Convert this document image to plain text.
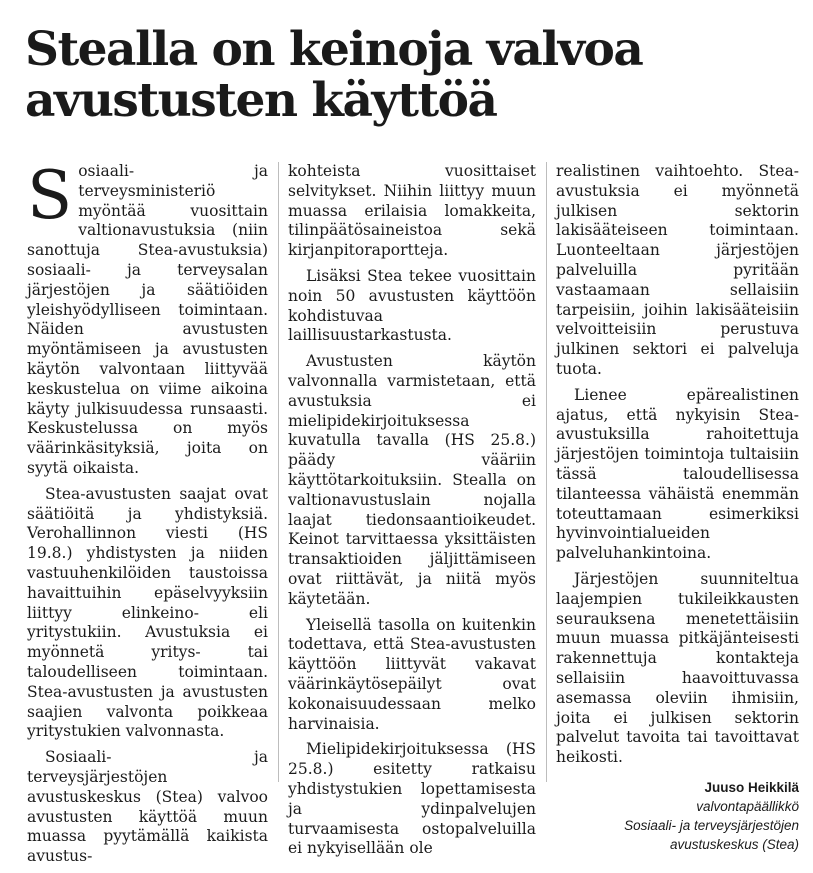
Stealla on keinoja valvoa
avustusten käyttöä

Sosiaali- ja terveysministeriö myöntää vuosittain valtionavustuksia (niin sanottuja Stea-avustuksia) sosiaali- ja terveysalan järjestöjen ja säätiöiden yleishyödylliseen toimintaan. Näiden avustusten myöntämiseen ja avustusten käytön valvontaan liittyvää keskustelua on viime aikoina käyty julkisuudessa runsaasti. Keskustelussa on myös väärinkäsityksiä, joita on syytä oikaista.

Stea-avustusten saajat ovat säätiöitä ja yhdistyksiä. Verohallinnon viesti (HS 19.8.) yhdistysten ja niiden vastuuhenkilöiden taustoissa havaittuihin epäselvyyksiin liittyy elinkeino- eli yritystukiin. Avustuksia ei myönnetä yritys- tai taloudelliseen toimintaan. Stea-avustusten ja avustusten saajien valvonta poikkeaa yritystukien valvonnasta.

Sosiaali- ja terveysjärjestöjen avustuskeskus (Stea) valvoo avustusten käyttöä muun muassa pyytämällä kaikista avustus-

kohteista vuosittaiset selvitykset. Niihin liittyy muun muassa erilaisia lomakkeita, tilinpäätösaineistoa sekä kirjanpitoraportteja.

Lisäksi Stea tekee vuosittain noin 50 avustusten käyttöön kohdistuvaa laillisuustarkastusta.

Avustusten käytön valvonnalla varmistetaan, että avustuksia ei mielipidekirjoituksessa kuvatulla tavalla (HS 25.8.) päädy vääriin käyttötarkoituksiin. Stealla on valtionavustuslain nojalla laajat tiedonsaantioikeudet. Keinot tarvittaessa yksittäisten transaktioiden jäljittämiseen ovat riittävät, ja niitä myös käytetään.

Yleisellä tasolla on kuitenkin todettava, että Stea-avustusten käyttöön liittyvät vakavat väärinkäytösepäilyt ovat kokonaisuudessaan melko harvinaisia.

Mielipidekirjoituksessa (HS 25.8.) esitetty ratkaisu yhdistystukien lopettamisesta ja ydinpalvelujen turvaamisesta ostopalveluilla ei nykyisellään ole

realistinen vaihtoehto. Stea-avustuksia ei myönnetä julkisen sektorin lakisääteiseen toimintaan. Luonteeltaan järjestöjen palveluilla pyritään vastaamaan sellaisiin tarpeisiin, joihin lakisääteisiin velvoitteisiin perustuva julkinen sektori ei palveluja tuota.

Lienee epärealistinen ajatus, että nykyisin Stea-avustuksilla rahoitettuja järjestöjen toimintoja tultaisiin tässä taloudellisessa tilanteessa vähäistä enemmän toteuttamaan esimerkiksi hyvinvointialueiden palveluhankintoina.

Järjestöjen suunniteltua laajempien tukileikkausten seurauksena menetettäisiin muun muassa pitkäjänteisesti rakennettuja kontakteja sellaisiin haavoittuvassa asemassa oleviin ihmisiin, joita ei julkisen sektorin palvelut tavoita tai tavoittavat heikosti.

Juuso Heikkilä
valvontapäällikkö
Sosiaali- ja terveysjärjestöjen
avustuskeskus (Stea)
